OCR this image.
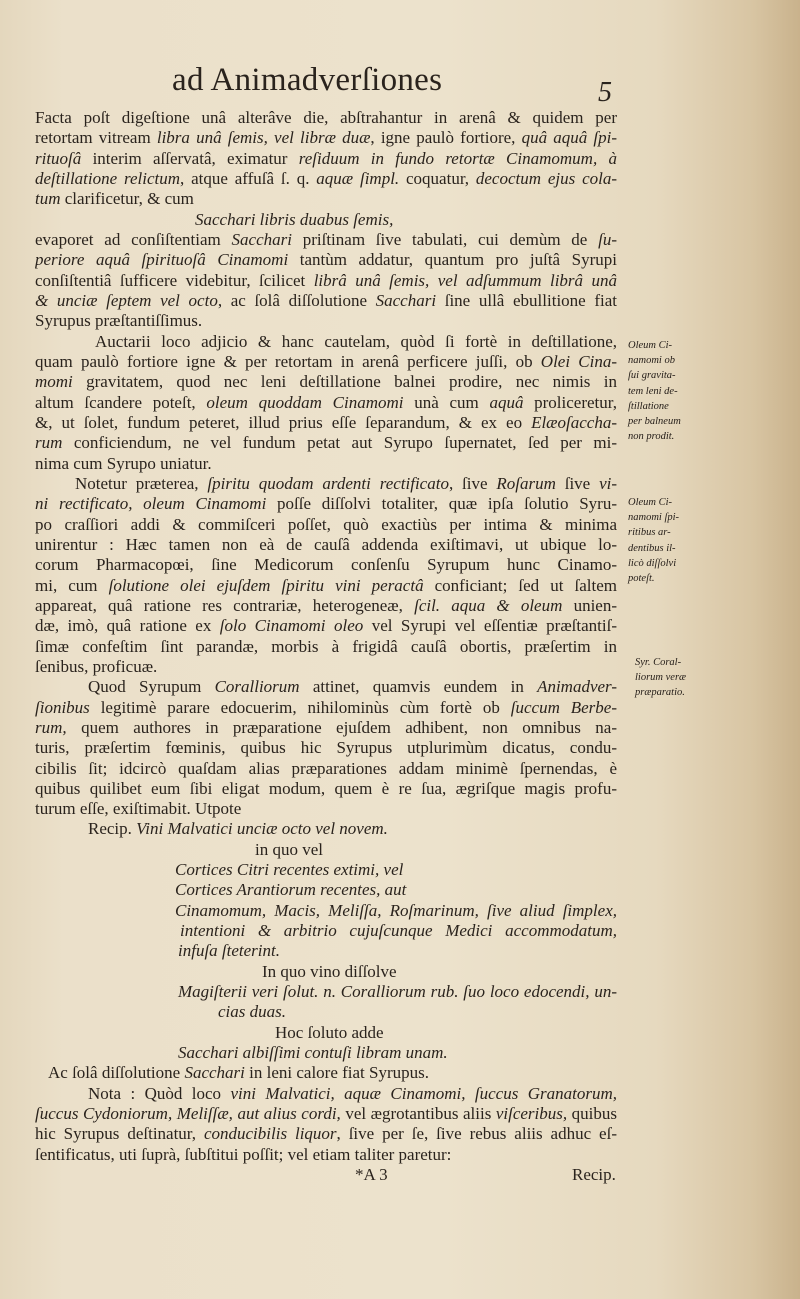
ad Animadverſiones	5
Facta poſt digeſtione unâ alterâve die, abſtrahantur in arenâ & quidem per
retortam vitream libra unâ ſemis, vel libræ duæ, igne paulò fortiore, quâ aquâ ſpi-
rituoſâ interim aſſervatâ, eximatur reſiduum in fundo retortæ Cinamomum, à
deſtillatione relictum, atque affuſâ ſ. q. aquæ ſimpl. coquatur, decoctum ejus cola-
tum clarificetur, & cum
Sacchari libris duabus ſemis,
evaporet ad conſiſtentiam Sacchari priſtinam ſive tabulati, cui demùm de ſu-
periore aquâ ſpirituoſâ Cinamomi tantùm addatur, quantum pro juſtâ Syrupi
conſiſtentiâ ſufficere videbitur, ſcilicet librâ unâ ſemis, vel adſummum librâ unâ
& unciæ ſeptem vel octo, ac ſolâ diſſolutione Sacchari ſine ullâ ebullitione fiat
Syrupus præſtantiſſimus.
Auctarii loco adjicio & hanc cautelam, quòd ſi fortè in deſtillatione,
quam paulò fortiore igne & per retortam in arenâ perficere juſſi, ob Olei Cina-
momi gravitatem, quod nec leni deſtillatione balnei prodire, nec nimis in
altum ſcandere poteſt, oleum quoddam Cinamomi unà cum aquâ proliceretur,
&, ut ſolet, fundum peteret, illud prius eſſe ſeparandum, & ex eo Elæoſaccha-
rum conficiendum, ne vel fundum petat aut Syrupo ſupernatet, ſed per mi-
nima cum Syrupo uniatur.
Notetur præterea, ſpiritu quodam ardenti rectificato, ſive Roſarum ſive vi-
ni rectificato, oleum Cinamomi poſſe diſſolvi totaliter, quæ ipſa ſolutio Syru-
po craſſiori addi & commiſceri poſſet, quò exactiùs per intima & minima
unirentur : Hæc tamen non eà de cauſâ addenda exiſtimavi, ut ubique lo-
corum Pharmacopœi, ſine Medicorum conſenſu Syrupum hunc Cinamo-
mi, cum ſolutione olei ejuſdem ſpiritu vini peractâ conficiant; ſed ut ſaltem
appareat, quâ ratione res contrariæ, heterogeneæ, ſcil. aqua & oleum unien-
dæ, imò, quâ ratione ex ſolo Cinamomi oleo vel Syrupi vel eſſentiæ præſtantiſ-
ſimæ confeſtim ſint parandæ, morbis à frigidâ cauſâ obortis, præſertim in
ſenibus, proficuæ.
Quod Syrupum Coralliorum attinet, quamvis eundem in Animadver-
ſionibus legitimè parare edocuerim, nihilominùs cùm fortè ob ſuccum Berbe-
rum, quem authores in præparatione ejuſdem adhibent, non omnibus na-
turis, præſertim fœminis, quibus hic Syrupus utplurimùm dicatus, condu-
cibilis ſit; idcircò quaſdam alias præparationes addam minimè ſpernendas, è
quibus quilibet eum ſibi eligat modum, quem è re ſua, ægriſque magis profu-
turum eſſe, exiſtimabit. Utpote
Recip. Vini Malvatici unciæ octo vel novem.
in quo vel
Cortices Citri recentes extimi, vel
Cortices Arantiorum recentes, aut
Cinamomum, Macis, Meliſſa, Roſmarinum, ſive aliud ſimplex,
intentioni & arbitrio cujuſcunque Medici accommodatum,
infuſa ſteterint.
In quo vino diſſolve
Magiſterii veri ſolut. n. Coralliorum rub. ſuo loco edocendi, un-
cias duas.
Hoc ſoluto adde
Sacchari albiſſimi contuſi libram unam.
Ac ſolâ diſſolutione Sacchari in leni calore fiat Syrupus.
Nota : Quòd loco vini Malvatici, aquæ Cinamomi, ſuccus Granatorum,
ſuccus Cydoniorum, Meliſſæ, aut alius cordi, vel ægrotantibus aliis viſceribus, quibus
hic Syrupus deſtinatur, conducibilis liquor, ſive per ſe, ſive rebus aliis adhuc eſ-
ſentificatus, uti ſuprà, ſubſtitui poſſit; vel etiam taliter paretur:
Oleum Ci-
namomi ob
ſui gravita-
tem leni de-
ſtillatione
per balneum
non prodit.
Oleum Ci-
namomi ſpi-
ritibus ar-
dentibus il-
licò diſſolvi
poteſt.
Syr. Coral-
liorum veræ
præparatio.
*A 3	Recip.
